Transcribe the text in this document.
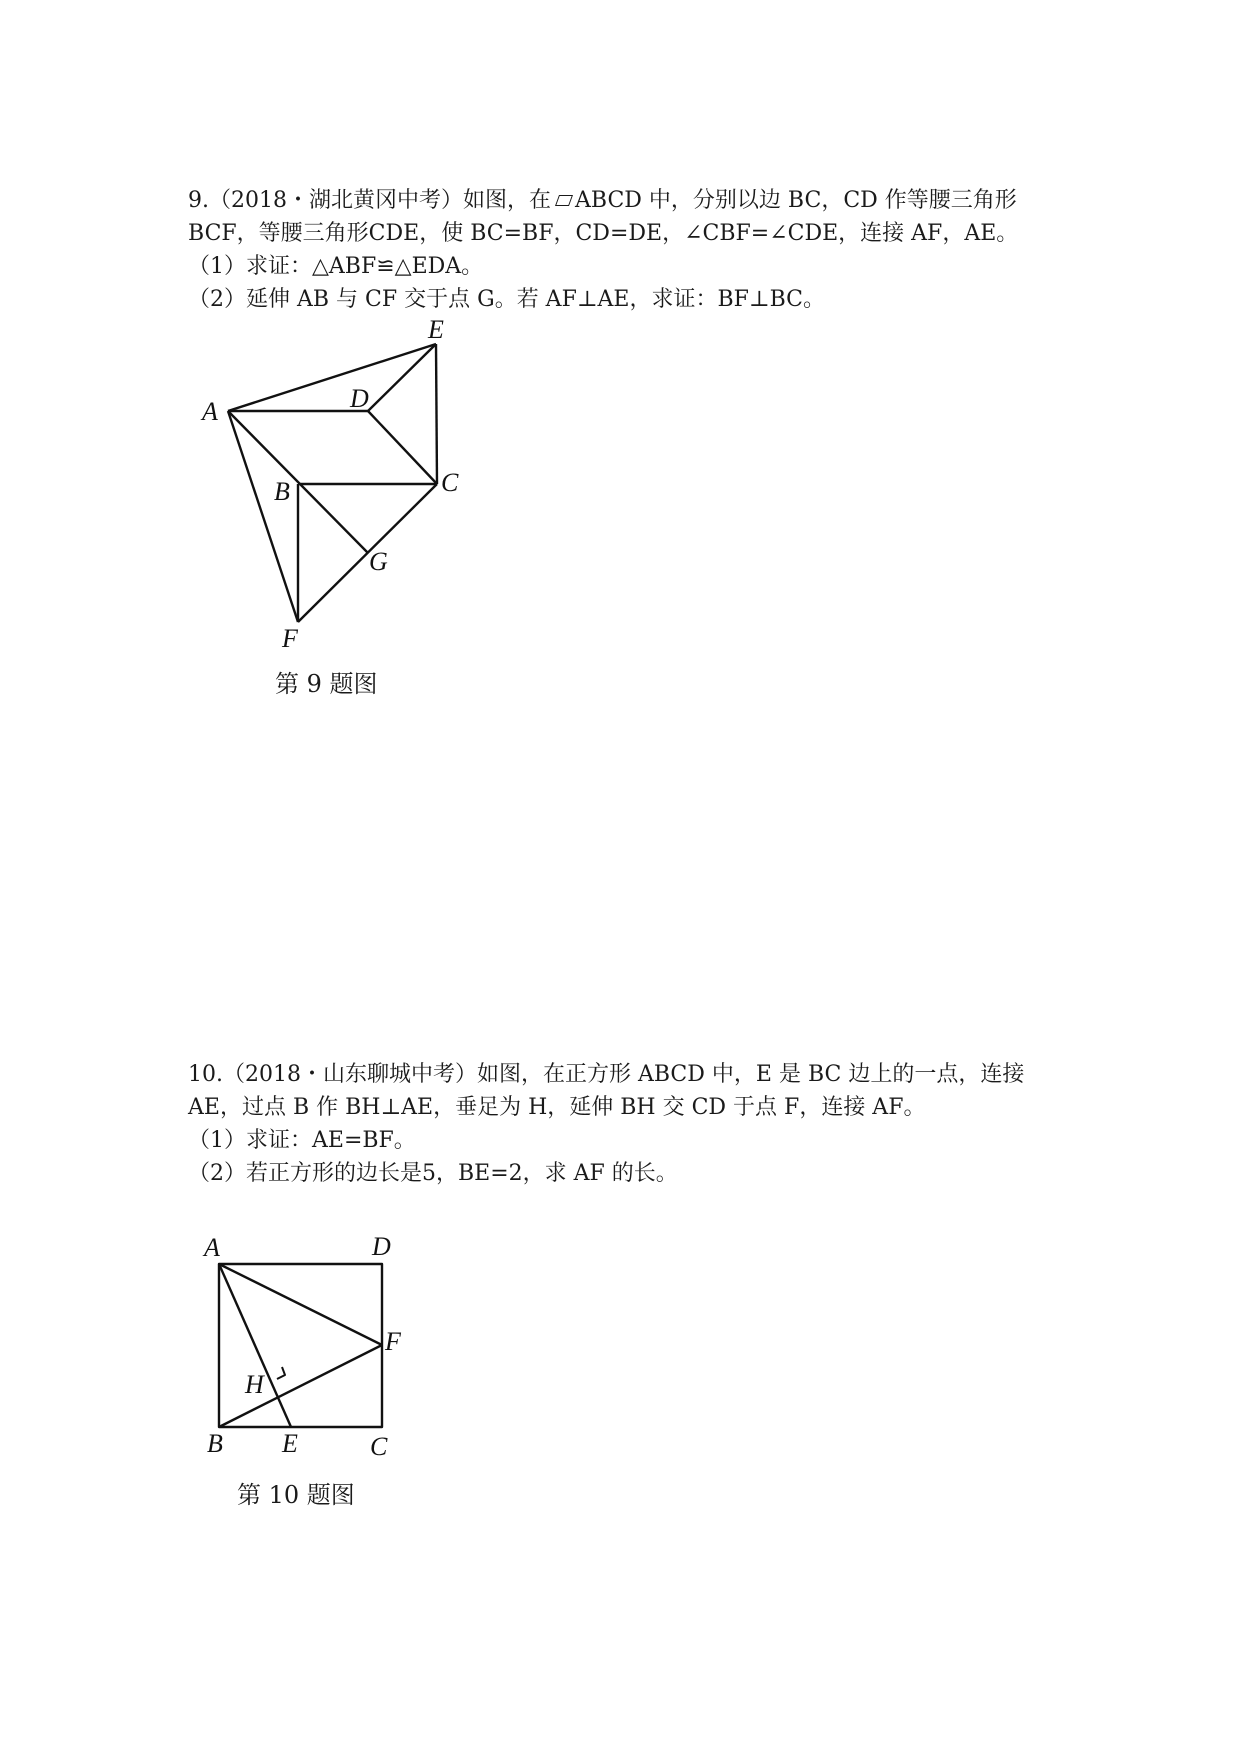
9.（2018・湖北黄冈中考）如图，在 ABCD 中，分别以边 BC，CD 作等腰三角形
BCF，等腰三角形CDE，使 BC=BF，CD=DE，∠CBF=∠CDE，连接 AF，AE。
（1）求证：△ABF≌△EDA。
（2）延伸 AB 与 CF 交于点 G。若 AF⊥AE，求证：BF⊥BC。
A
B	C
D
E
F
G
第 9 题图
10.（2018・山东聊城中考）如图，在正方形 ABCD 中，E 是 BC 边上的一点，连接
AE，过点 B 作 BH⊥AE，垂足为 H，延伸 BH 交 CD 于点 F，连接 AF。
（1）求证：AE=BF。
（2）若正方形的边长是5，BE=2，求 AF 的长。
A	D
F
H
B E	C
第 10 题图
